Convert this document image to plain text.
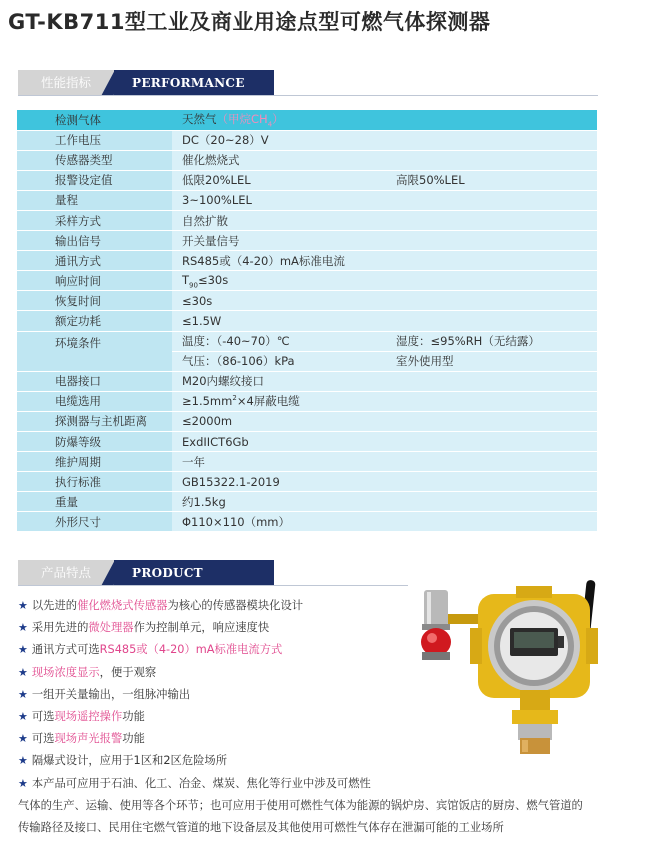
GT-KB711型工业及商业用途点型可燃气体探测器
性能指标	PERFORMANCE
检测气体	天然气（甲烷$CH_4$）	
工作电压	DC（20~28）V	
传感器类型	催化燃烧式	
报警设定值	低限20%LEL	高限50%LEL
量程	3~100%LEL	
采样方式	自然扩散	
输出信号	开关量信号	
通讯方式	RS485或（4-20）mA标准电流	
响应时间	$T_{90}\le 30s$	
恢复时间	≤30s	
额定功耗	≤1.5W	
环境条件	温度：（-40~70）℃	湿度：≤95%RH（无结露）
	气压：（86-106）kPa	室外使用型
电器接口	M20内螺纹接口	
电缆选用	$\ge 1.5mm^2\times 4$屏蔽电缆	
探测器与主机距离	≤2000m	
防爆等级	ExdIICT6Gb	
维护周期	一年	
执行标准	GB15322.1-2019	
重量	约1.5kg	
外形尺寸	Φ110×110（mm）	
产品特点	PRODUCT
★ 以先进的催化燃烧式传感器为核心的传感器模块化设计
★ 采用先进的微处理器作为控制单元，响应速度快
★ 通讯方式可选RS485或（4-20）mA标准电流方式
★ 现场浓度显示，便于观察
★ 一组开关量输出，一组脉冲输出
★ 可选现场遥控操作功能
★ 可选现场声光报警功能
★ 隔爆式设计，应用于1区和2区危险场所
★ 本产品可应用于石油、化工、冶金、煤炭、焦化等行业中涉及可燃性
气体的生产、运输、使用等各个环节；也可应用于使用可燃性气体为能源的锅炉房、宾馆饭店的厨房、燃气管道的
传输路径及接口、民用住宅燃气管道的地下设备层及其他使用可燃性气体存在泄漏可能的工业场所
